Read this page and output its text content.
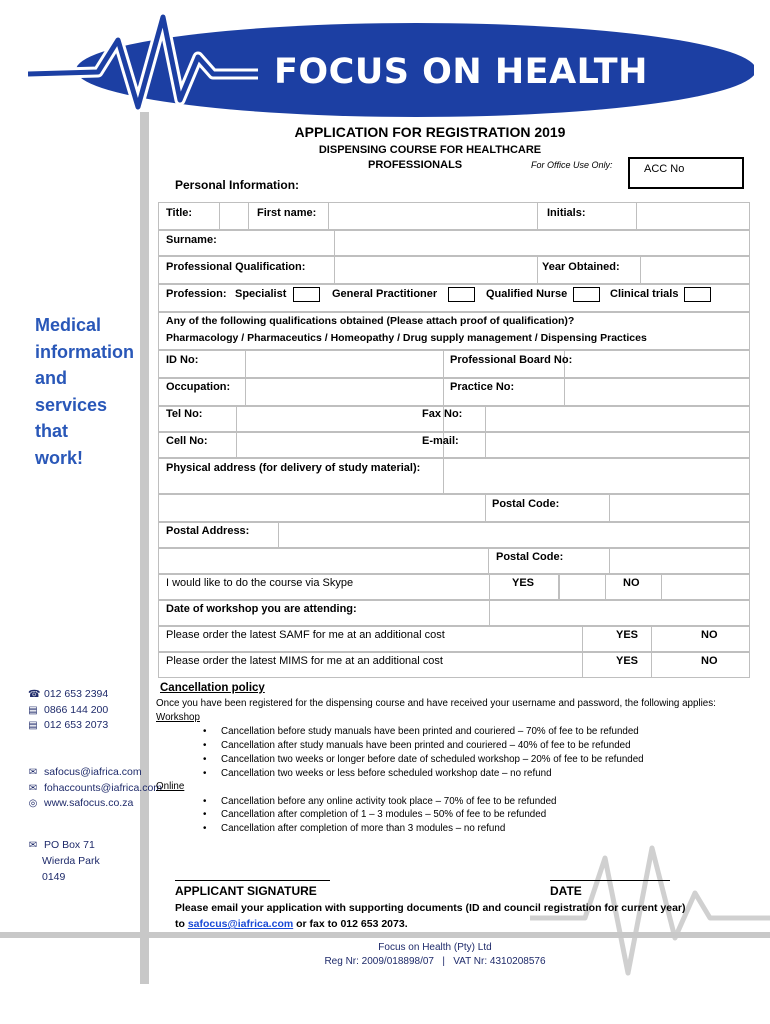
FOCUS ON HEALTH
Medical
information
and
services
that
work!
☎ 012 653 2394
▤ 0866 144 200
▤ 012 653 2073
✉ safocus@iafrica.com
✉ fohaccounts@iafrica.com
◎ www.safocus.co.za
✉ PO Box 71
Wierda Park
0149
APPLICATION FOR REGISTRATION 2019
DISPENSING COURSE FOR HEALTHCARE
PROFESSIONALS	For Office Use Only:	ACC No
Personal Information:
Title:	First name:	Initials:
Surname:
Professional Qualification:	Year Obtained:
Profession: Specialist	General Practitioner	Qualified Nurse	Clinical trials
Any of the following qualifications obtained (Please attach proof of qualification)?
Pharmacology / Pharmaceutics / Homeopathy / Drug supply management / Dispensing Practices
ID No:	Professional Board No:
Occupation:	Practice No:
Tel No:	Fax No:
Cell No:	E-mail:
Physical address (for delivery of study material):
Postal Code:
Postal Address:
Postal Code:
I would like to do the course via Skype	YES	NO
Date of workshop you are attending:
Please order the latest SAMF for me at an additional cost	YES	NO
Please order the latest MIMS for me at an additional cost	YES	NO
Cancellation policy
Once you have been registered for the dispensing course and have received your username and password, the following applies:
Workshop
• Cancellation before study manuals have been printed and couriered – 70% of fee to be refunded
• Cancellation after study manuals have been printed and couriered – 40% of fee to be refunded
• Cancellation two weeks or longer before date of scheduled workshop – 20% of fee to be refunded
• Cancellation two weeks or less before scheduled workshop date – no refund
Online
• Cancellation before any online activity took place – 70% of fee to be refunded
• Cancellation after completion of 1 – 3 modules – 50% of fee to be refunded
• Cancellation after completion of more than 3 modules – no refund
APPLICANT SIGNATURE	DATE
Please email your application with supporting documents (ID and council registration for current year)
to safocus@iafrica.com or fax to 012 653 2073.
Focus on Health (Pty) Ltd
Reg Nr: 2009/018898/07   |   VAT Nr: 4310208576
